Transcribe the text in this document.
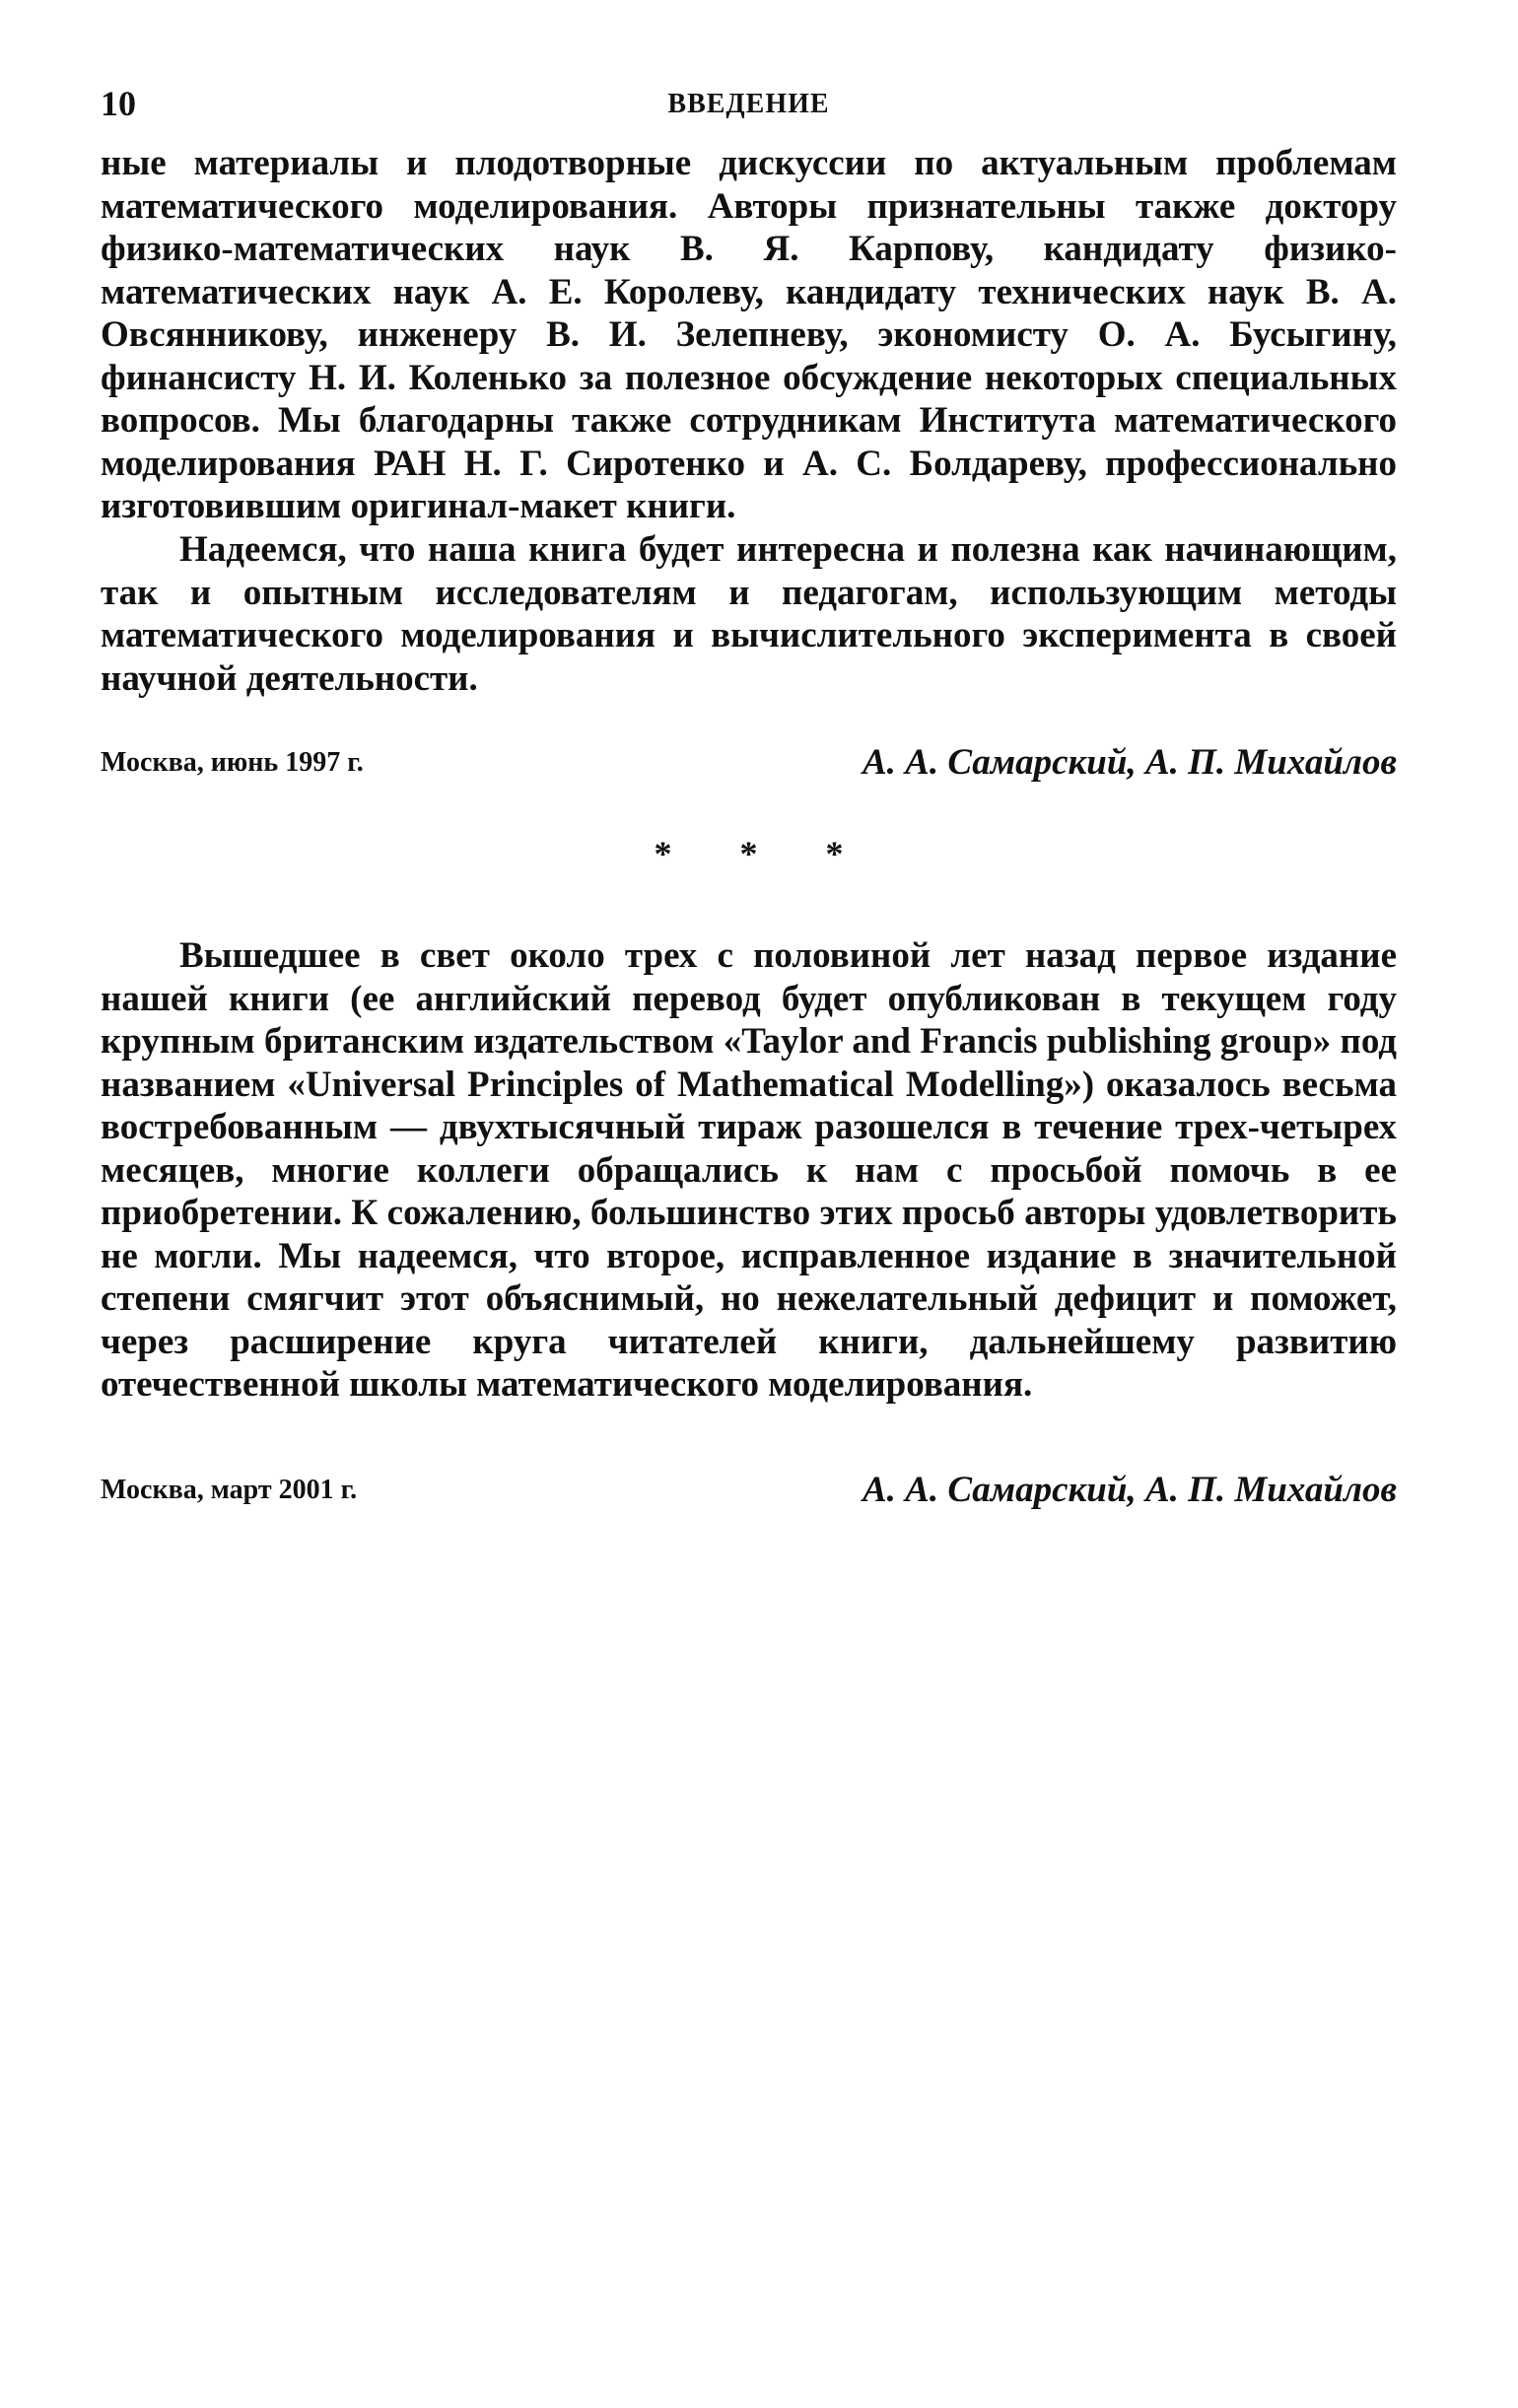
10	ВВЕДЕНИЕ

ные материалы и плодотворные дискуссии по актуальным проблемам математического моделирования. Авторы признательны также доктору физико-математических наук В. Я. Карпову, кандидату физико-математических наук А. Е. Королеву, кандидату технических наук В. А. Овсянникову, инженеру В. И. Зелепневу, экономисту О. А. Бусыгину, финансисту Н. И. Коленько за полезное обсуждение некоторых специальных вопросов. Мы благодарны также сотрудникам Института математического моделирования РАН Н. Г. Сиротенко и А. С. Болдареву, профессионально изготовившим оригинал-макет книги.

Надеемся, что наша книга будет интересна и полезна как начинающим, так и опытным исследователям и педагогам, использующим методы математического моделирования и вычислительного эксперимента в своей научной деятельности.

Москва, июнь 1997 г.	А. А. Самарский, А. П. Михайлов
* * *

Вышедшее в свет около трех с половиной лет назад первое издание нашей книги (ее английский перевод будет опубликован в текущем году крупным британским издательством «Taylor and Francis publishing group» под названием «Universal Principles of Mathematical Modelling») оказалось весьма востребованным — двухтысячный тираж разошелся в течение трех-четырех месяцев, многие коллеги обращались к нам с просьбой помочь в ее приобретении. К сожалению, большинство этих просьб авторы удовлетворить не могли. Мы надеемся, что второе, исправленное издание в значительной степени смягчит этот объяснимый, но нежелательный дефицит и поможет, через расширение круга читателей книги, дальнейшему развитию отечественной школы математического моделирования.

Москва, март 2001 г.	А. А. Самарский, А. П. Михайлов
